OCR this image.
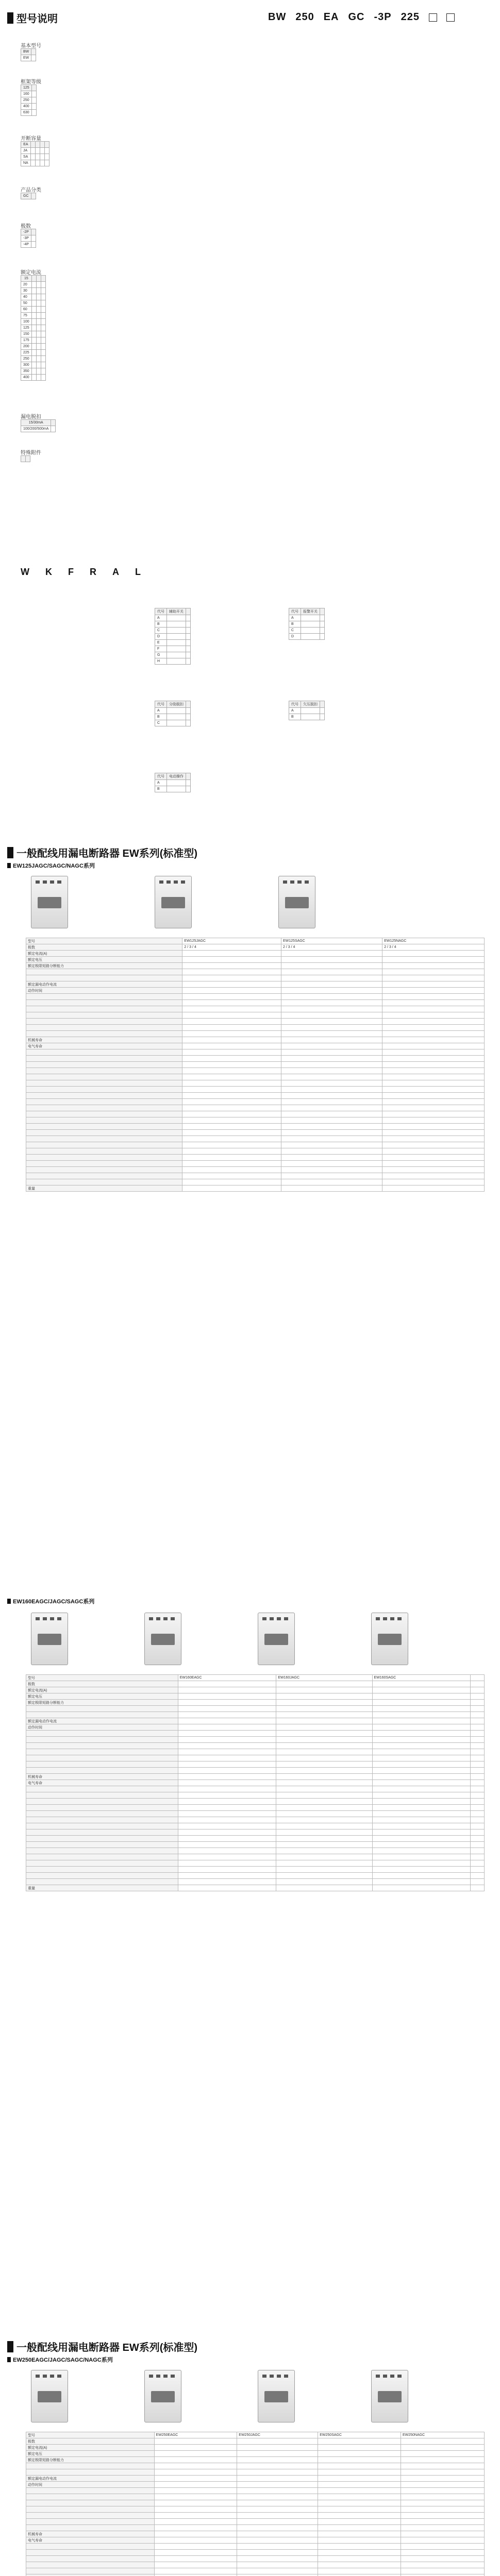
型号说明	BW 250 EA GC -3P 225
基本型号
BW	
EW	
框架等级
125	
160	
250	
400	
630	
开断容量
EA				
JA				
SA				
NA				
产品分类
GC	
极数
-2P	
-3P	
-4P	
额定电流
15			
20			
30			
40			
50			
60			
75			
100			
125			
150			
175			
200			
225			
250			
300			
350			
400			
漏电脱扣
15/30mA	
100/200/500mA	
特殊附件

W K F R A L
代号	辅助开关	
A		
B		
C		
D		
E		
F		
G		
H		
代号	报警开关	
A		
B		
C		
D		
代号	分励脱扣	
A		
B		
C		
代号	欠压脱扣	
A		
B		
代号	电动操作	
A		
B		
一般配线用漏电断路器 EW系列(标准型)
EW125JAGC/SAGC/NAGC系列
型号	EW125JAGC	EW125SAGC	EW125NAGC
极数	2 / 3 / 4	2 / 3 / 4	2 / 3 / 4
额定电流(A)			
额定电压			
额定极限短路分断能力			

额定漏电动作电流			
动作时间			

机械寿命			
电气寿命			

重量			
EW160EAGC/JAGC/SAGC系列
型号	EW160EAGC	EW160JAGC	EW160SAGC	
极数				
额定电流(A)				
额定电压				
额定极限短路分断能力				

额定漏电动作电流				
动作时间				

机械寿命				
电气寿命				

重量				
一般配线用漏电断路器 EW系列(标准型)
EW250EAGC/JAGC/SAGC/NAGC系列
型号	EW250EAGC	EW250JAGC	EW250SAGC	EW250NAGC
极数				
额定电流(A)				
额定电压				
额定极限短路分断能力				

额定漏电动作电流				
动作时间				

机械寿命				
电气寿命				
